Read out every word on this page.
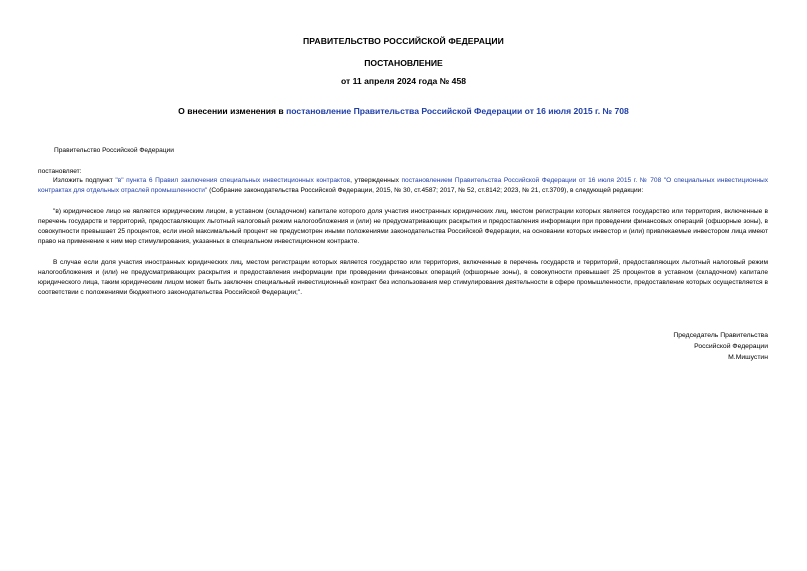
ПРАВИТЕЛЬСТВО РОССИЙСКОЙ ФЕДЕРАЦИИ
ПОСТАНОВЛЕНИЕ
от 11 апреля 2024 года № 458
О внесении изменения в постановление Правительства Российской Федерации от 16 июля 2015 г. № 708
Правительство Российской Федерации
постановляет:
Изложить подпункт "в" пункта 6 Правил заключения специальных инвестиционных контрактов, утвержденных постановлением Правительства Российской Федерации от 16 июля 2015 г. № 708 "О специальных инвестиционных контрактах для отдельных отраслей промышленности" (Собрание законодательства Российской Федерации, 2015, № 30, ст.4587; 2017, № 52, ст.8142; 2023, № 21, ст.3709), в следующей редакции:
"в) юридическое лицо не является юридическим лицом, в уставном (складочном) капитале которого доля участия иностранных юридических лиц, местом регистрации которых является государство или территория, включенные в перечень государств и территорий, предоставляющих льготный налоговый режим налогообложения и (или) не предусматривающих раскрытия и предоставления информации при проведении финансовых операций (офшорные зоны), в совокупности превышает 25 процентов, если иной максимальный процент не предусмотрен иными положениями законодательства Российской Федерации, на основании которых инвестор и (или) привлекаемые инвестором лица имеют право на применение к ним мер стимулирования, указанных в специальном инвестиционном контракте.
В случае если доля участия иностранных юридических лиц, местом регистрации которых является государство или территория, включенные в перечень государств и территорий, предоставляющих льготный налоговый режим налогообложения и (или) не предусматривающих раскрытия и предоставления информации при проведении финансовых операций (офшорные зоны), в совокупности превышает 25 процентов в уставном (складочном) капитале юридического лица, таким юридическим лицом может быть заключен специальный инвестиционный контракт без использования мер стимулирования деятельности в сфере промышленности, предоставление которых осуществляется в соответствии с положениями бюджетного законодательства Российской Федерации;".
Председатель Правительства
Российской Федерации
М.Мишустин
